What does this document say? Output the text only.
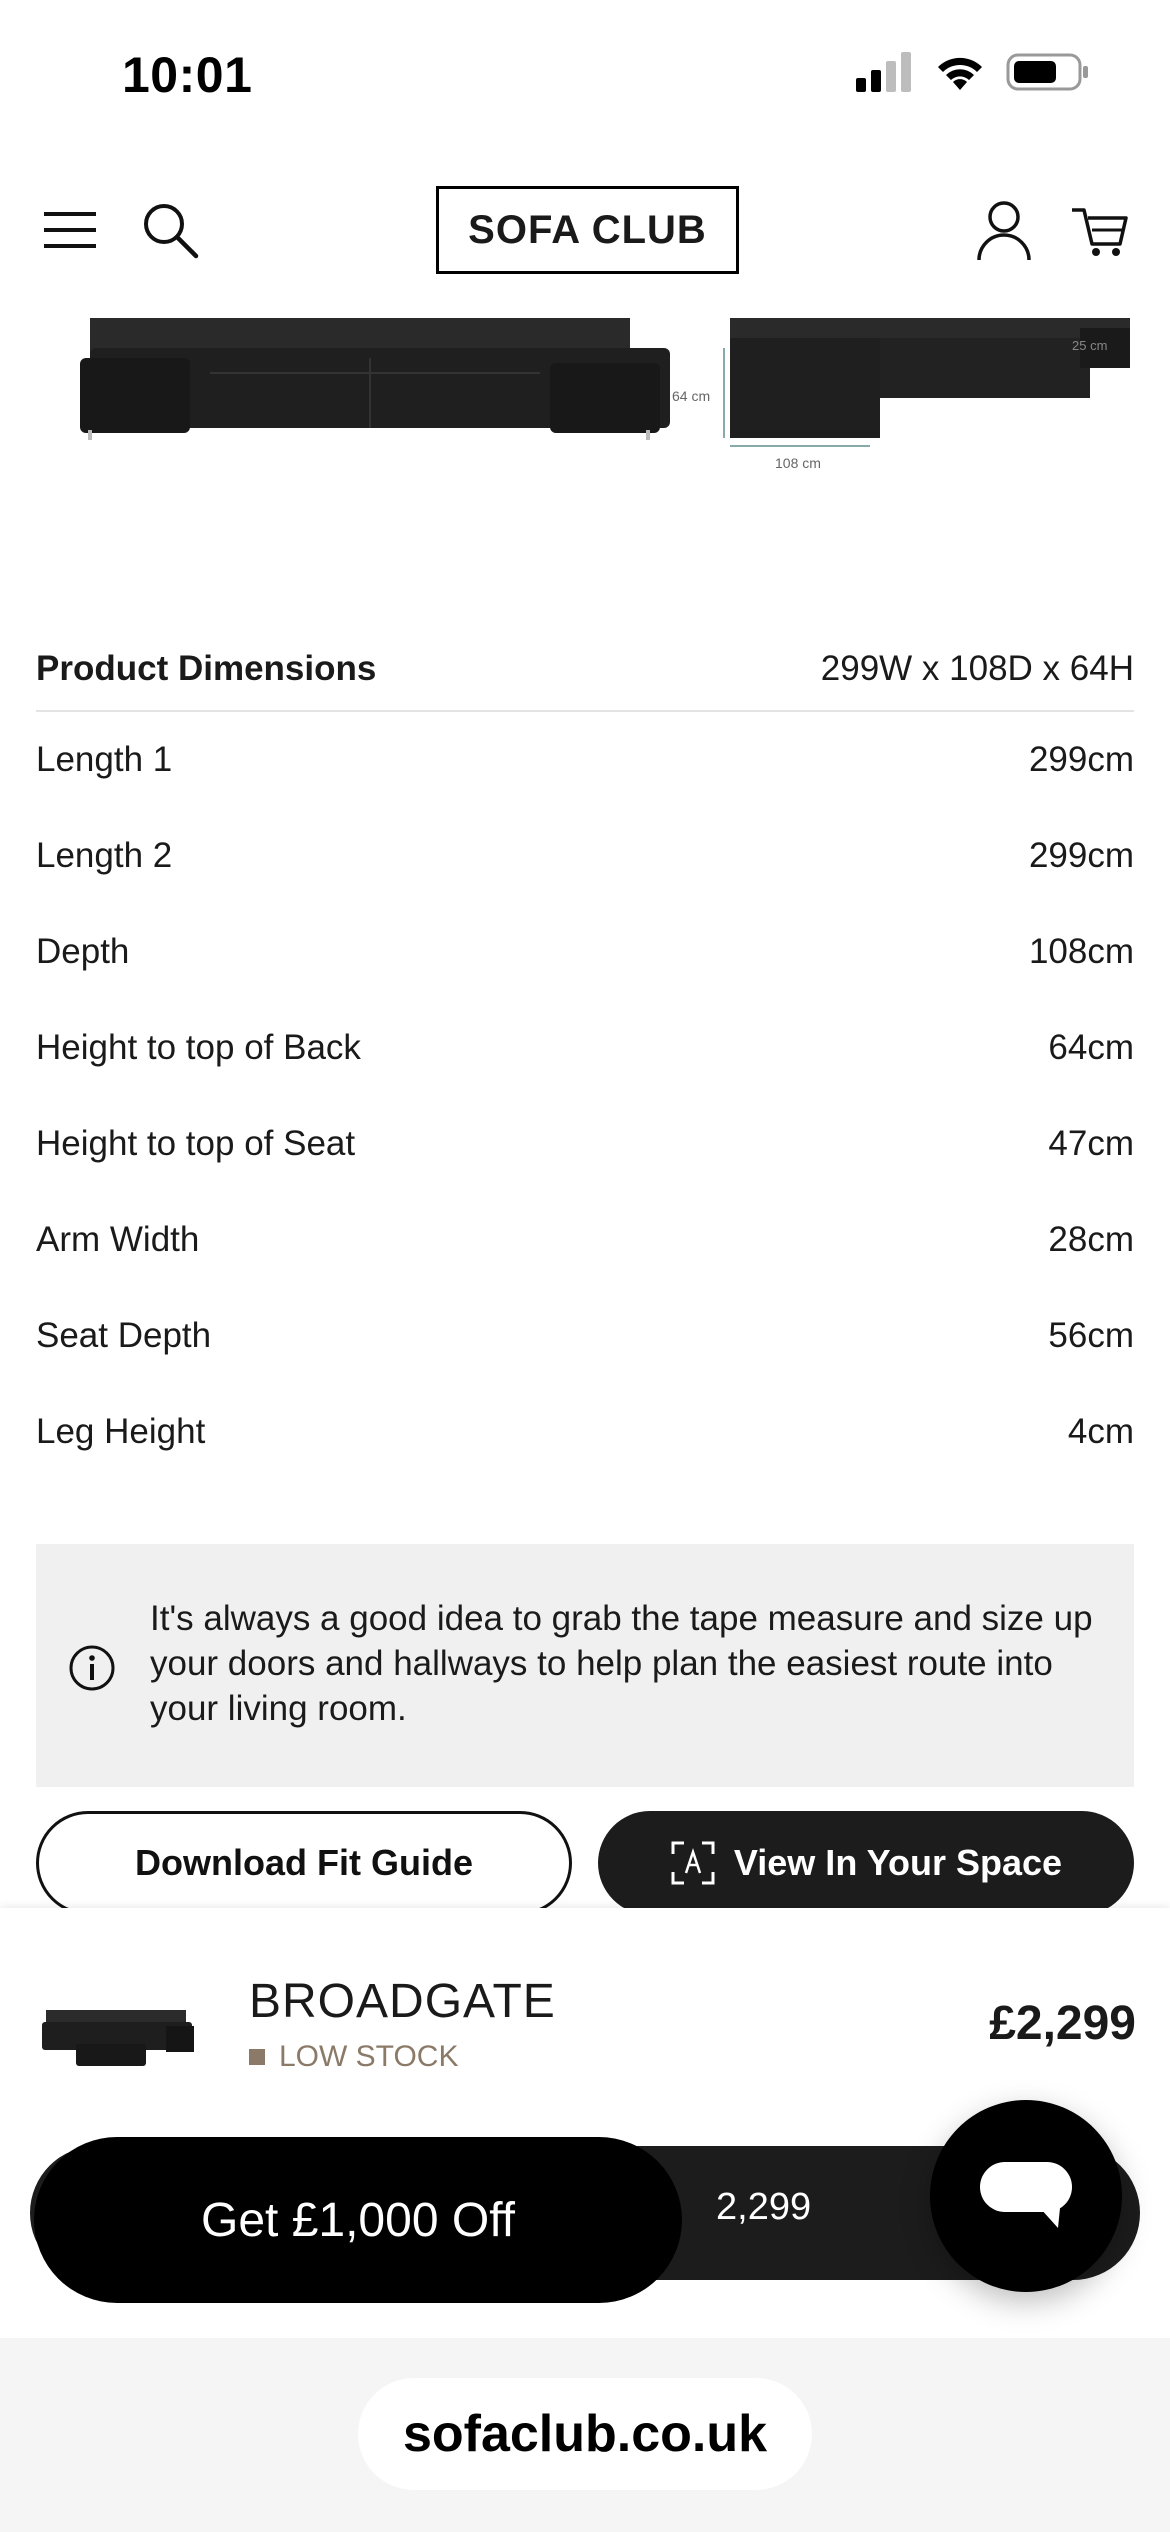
10:01
SOFA CLUB
64 cm
108 cm
25 cm
Product Dimensions	299W x 108D x 64H
Length 1	299cm
Length 2	299cm
Depth	108cm
Height to top of Back	64cm
Height to top of Seat	47cm
Arm Width	28cm
Seat Depth	56cm
Leg Height	4cm
It's always a good idea to grab the tape measure and size up your doors and hallways to help plan the easiest route into your living room.
Download Fit Guide	View In Your Space
BROADGATE
LOW STOCK
£2,299
2,299
Get £1,000 Off
sofaclub.co.uk
